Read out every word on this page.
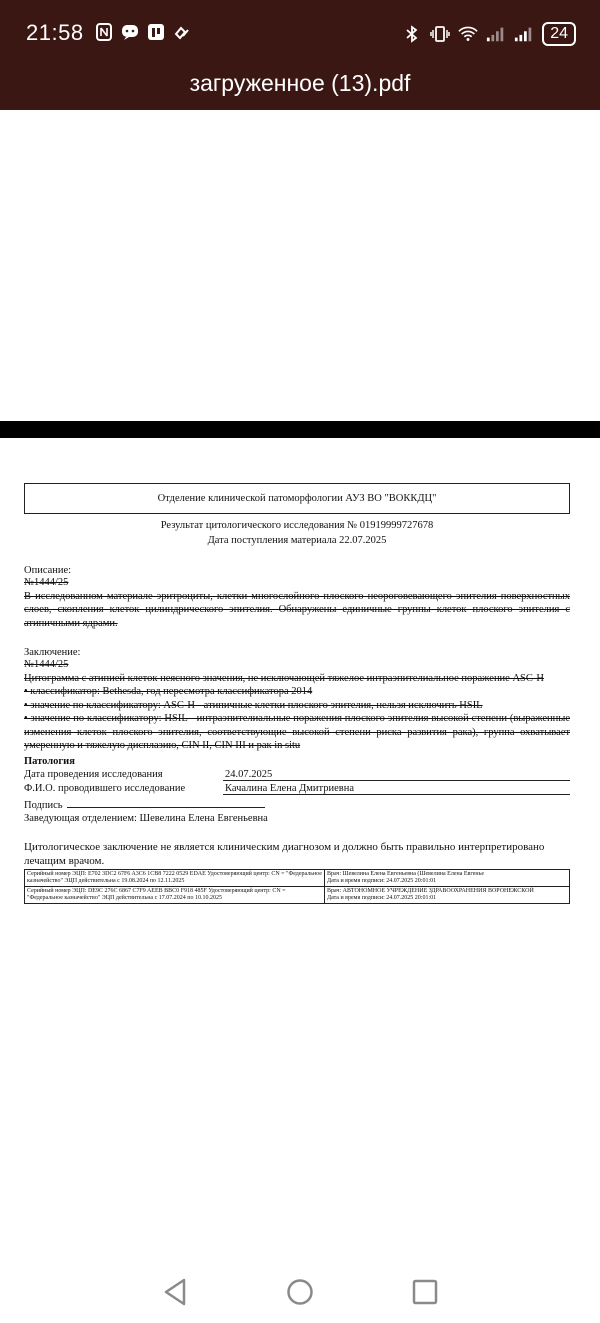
21:58	24
загруженное (13).pdf
Отделение клинической патоморфологии АУЗ ВО "ВОККДЦ"
Результат цитологического исследования № 01919999727678
Дата поступления материала 22.07.2025
Описание:
№1444/25
В исследованном материале эритроциты, клетки многослойного плоского неороговевающего эпителия поверхностных слоев, скопления клеток цилиндрического эпителия. Обнаружены единичные группы клеток плоского эпителия с атипичными ядрами.
Заключение:
№1444/25
Цитограмма с атипией клеток неясного значения, не исключающей тяжелое интраэпителиальное поражение ASC-H
• классификатор: Bethesda, год пересмотра классификатора 2014
• значение по классификатору: ASC-H - атипичные клетки плоского эпителия, нельзя исключить HSIL
• значение по классификатору: HSIL - интраэпителиальные поражения плоского эпителия высокой степени (выраженные изменения клеток плоского эпителия, соответствующие высокой степени риска развития рака), группа охватывает умеренную и тяжелую дисплазию, CIN II, CIN III и рак in situ
Патология
Дата проведения исследования	24.07.2025
Ф.И.О. проводившего исследование	Качалина Елена Дмитриевна
Подпись
Заведующая отделением: Шевелина Елена Евгеньевна
Цитологическое заключение не является клиническим диагнозом и должно быть правильно интерпретировано лечащим врачом.
Серийный номер ЭЦП: E702 3DC2 67F6 A3C6 1CB8 7222 0529 EDAE Удостоверяющий центр: CN = "Федеральное казначейство" ЭЦП действительна с 19.08.2024 по 12.11.2025	Врач: Шевелина Елена Евгеньевна (Шевелина Елена Евгенье
Дата и время подписи: 24.07.2025 20:01:01

Серийный номер ЭЦП: DE9C 276C 6867 C7F9 AEEB BBC0 F918 485F Удостоверяющий центр: CN = "Федеральное казначейство" ЭЦП действительна с 17.07.2024 по 10.10.2025	Врач: АВТОНОМНОЕ УЧРЕЖДЕНИЕ ЗДРАВООХРАНЕНИЯ ВОРОНЕЖСКОЙ
Дата и время подписи: 24.07.2025 20:01:01
